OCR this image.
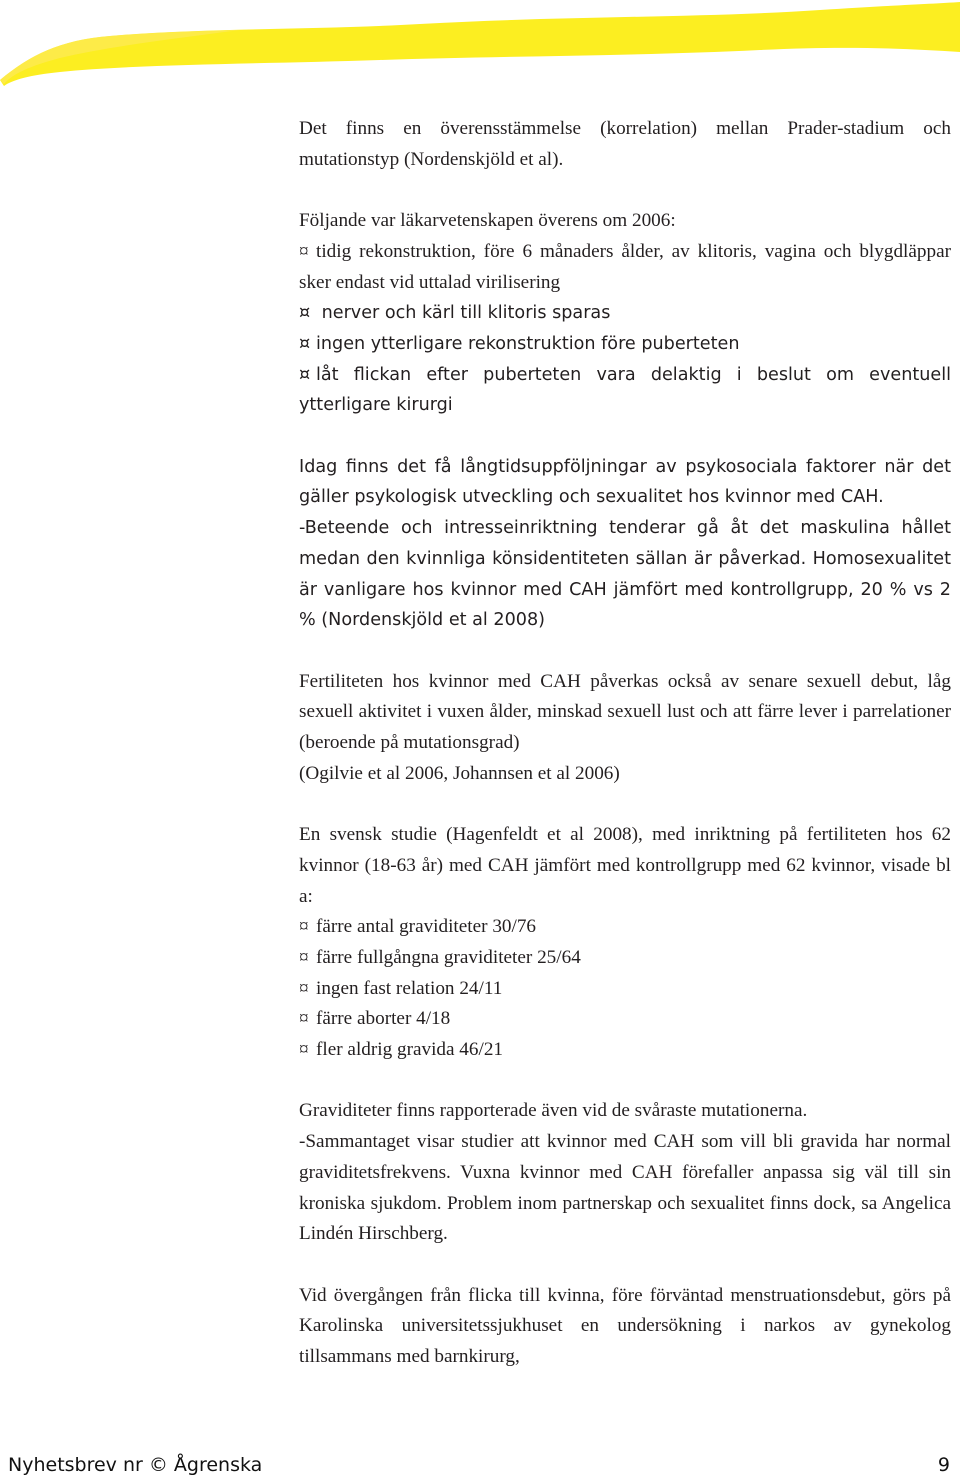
Det finns en överensstämmelse (korrelation) mellan Prader-stadium och mutationstyp (Nordenskjöld et al).

Följande var läkarvetenskapen överens om 2006:

¤ tidig rekonstruktion, före 6 månaders ålder, av klitoris, vagina och blygdläppar sker endast vid uttalad virilisering

¤ nerver och kärl till klitoris sparas

¤ ingen ytterligare rekonstruktion före puberteten

¤ låt flickan efter puberteten vara delaktig i beslut om eventuell ytterligare kirurgi

Idag finns det få långtidsuppföljningar av psykosociala faktorer när det gäller psykologisk utveckling och sexualitet hos kvinnor med CAH.

-Beteende och intresseinriktning tenderar gå åt det maskulina hållet medan den kvinnliga könsidentiteten sällan är påverkad. Homosexualitet är vanligare hos kvinnor med CAH jämfört med kontrollgrupp, 20 % vs 2 % (Nordenskjöld et al 2008)

Fertiliteten hos kvinnor med CAH påverkas också av senare sexuell debut, låg sexuell aktivitet i vuxen ålder, minskad sexuell lust och att färre lever i parrelationer (beroende på mutationsgrad)

(Ogilvie et al 2006, Johannsen et al 2006)

En svensk studie (Hagenfeldt et al 2008), med inriktning på fertiliteten hos 62 kvinnor (18-63 år) med CAH jämfört med kontrollgrupp med 62 kvinnor, visade bl a:

¤ färre antal graviditeter 30/76

¤ färre fullgångna graviditeter 25/64

¤ ingen fast relation 24/11

¤ färre aborter 4/18

¤ fler aldrig gravida 46/21

Graviditeter finns rapporterade även vid de svåraste mutationerna.

-Sammantaget visar studier att kvinnor med CAH som vill bli gravida har normal graviditetsfrekvens. Vuxna kvinnor med CAH förefaller anpassa sig väl till sin kroniska sjukdom. Problem inom partnerskap och sexualitet finns dock, sa Angelica Lindén Hirschberg.

Vid övergången från flicka till kvinna, före förväntad menstruationsdebut, görs på Karolinska universitetssjukhuset en undersökning i narkos av gynekolog tillsammans med barnkirurg,

Nyhetsbrev nr © Ågrenska	9
